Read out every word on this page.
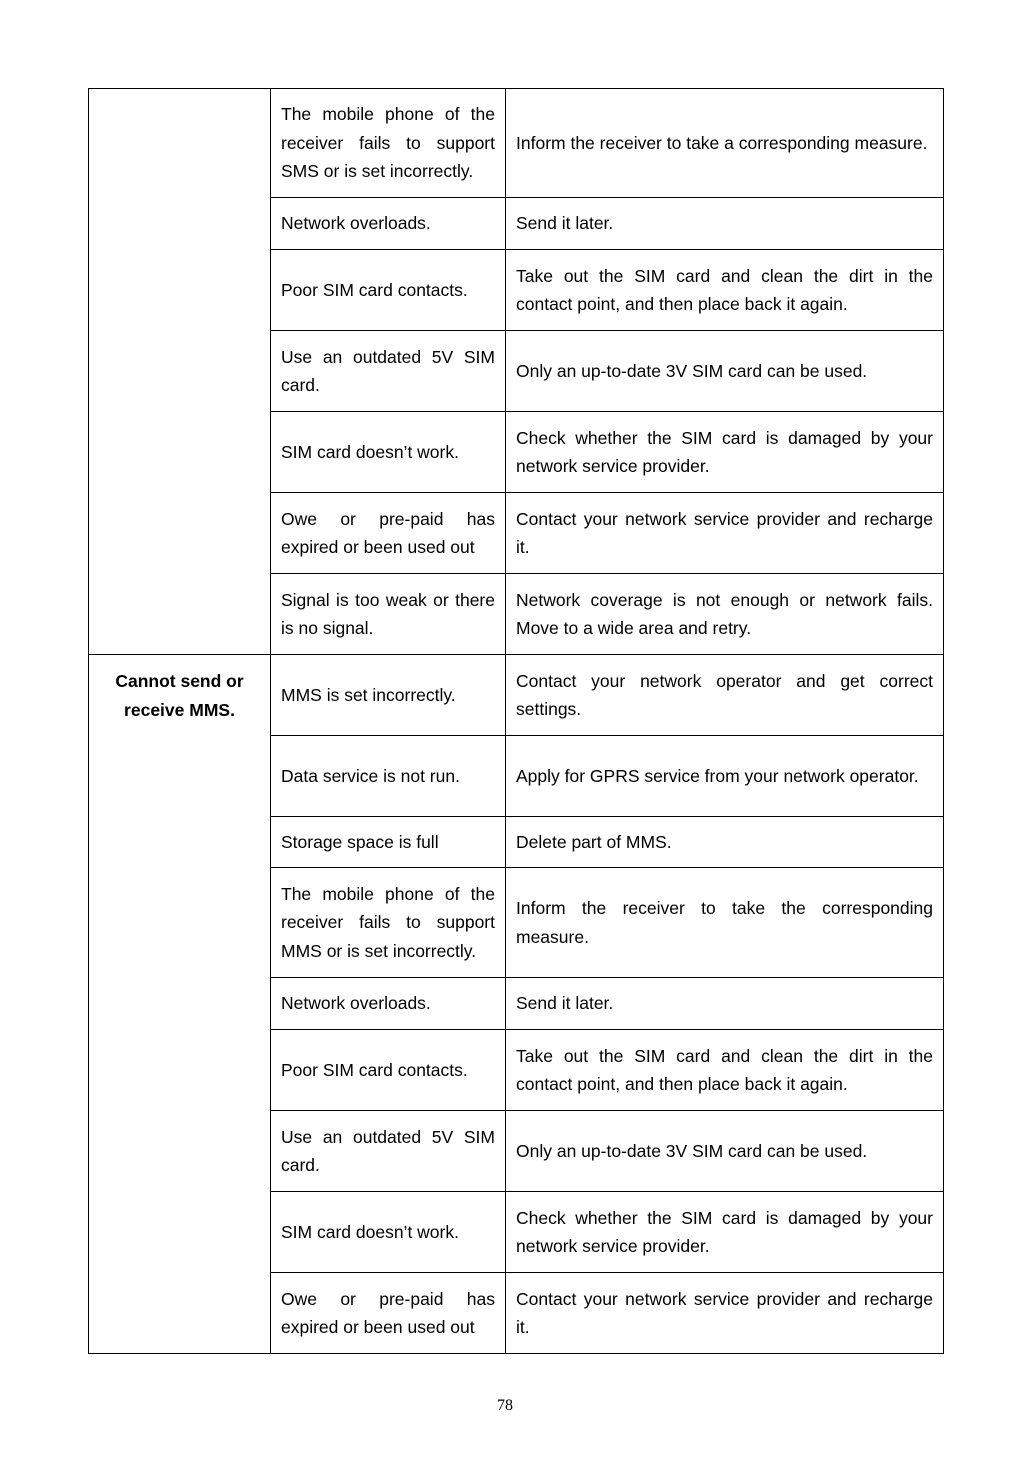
	The mobile phone of the receiver fails to support SMS or is set incorrectly.	Inform the receiver to take a corresponding measure.
	Network overloads.	Send it later.
	Poor SIM card contacts.	Take out the SIM card and clean the dirt in the contact point, and then place back it again.
	Use an outdated 5V SIM card.	Only an up-to-date 3V SIM card can be used.
	SIM card doesn’t work.	Check whether the SIM card is damaged by your network service provider.
	Owe or pre-paid has expired or been used out	Contact your network service provider and recharge it.
	Signal is too weak or there is no signal.	Network coverage is not enough or network fails. Move to a wide area and retry.
Cannot send or receive MMS.	MMS is set incorrectly.	Contact your network operator and get correct settings.
	Data service is not run.	Apply for GPRS service from your network operator.
	Storage space is full	Delete part of MMS.
	The mobile phone of the receiver fails to support MMS or is set incorrectly.	Inform the receiver to take the corresponding measure.
	Network overloads.	Send it later.
	Poor SIM card contacts.	Take out the SIM card and clean the dirt in the contact point, and then place back it again.
	Use an outdated 5V SIM card.	Only an up-to-date 3V SIM card can be used.
	SIM card doesn’t work.	Check whether the SIM card is damaged by your network service provider.
	Owe or pre-paid has expired or been used out	Contact your network service provider and recharge it.
78
